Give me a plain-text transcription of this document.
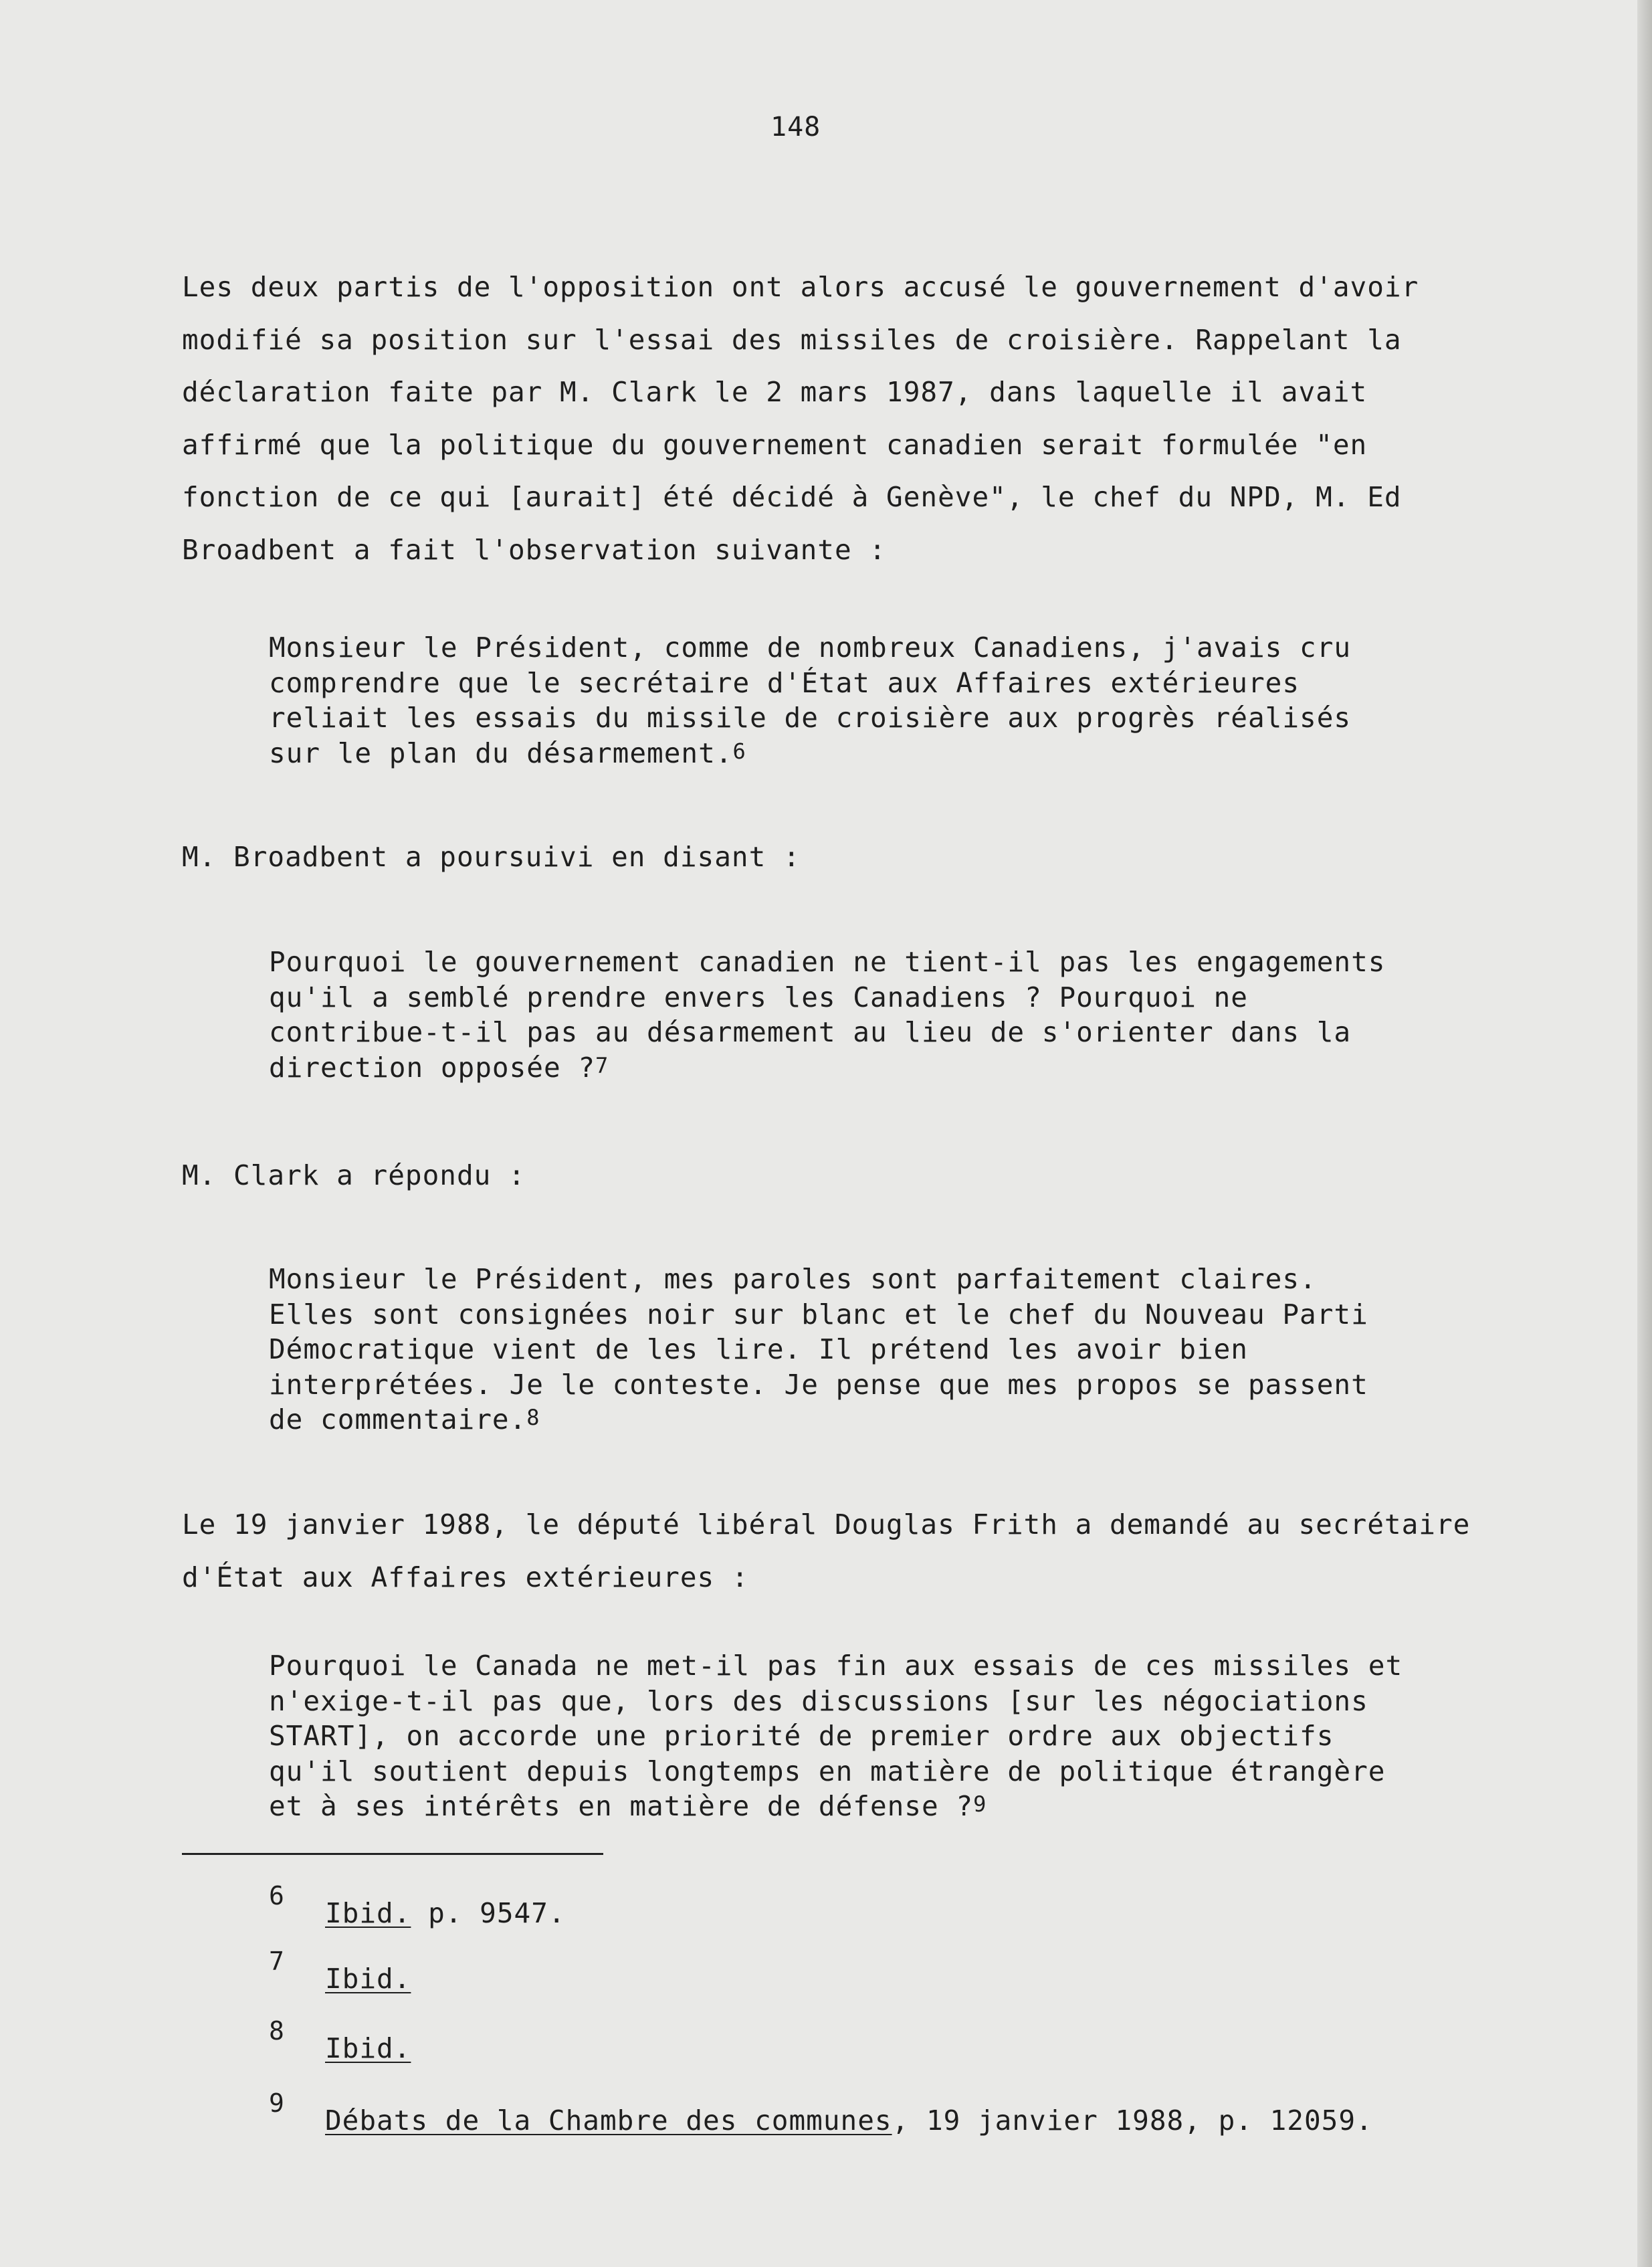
148

Les deux partis de l'opposition ont alors accusé le gouvernement d'avoir
modifié sa position sur l'essai des missiles de croisière. Rappelant la
déclaration faite par M. Clark le 2 mars 1987, dans laquelle il avait
affirmé que la politique du gouvernement canadien serait formulée "en
fonction de ce qui [aurait] été décidé à Genève", le chef du NPD, M. Ed
Broadbent a fait l'observation suivante :

Monsieur le Président, comme de nombreux Canadiens, j'avais cru
comprendre que le secrétaire d'État aux Affaires extérieures
reliait les essais du missile de croisière aux progrès réalisés
sur le plan du désarmement.$^6$

M. Broadbent a poursuivi en disant :

Pourquoi le gouvernement canadien ne tient-il pas les engagements
qu'il a semblé prendre envers les Canadiens ? Pourquoi ne
contribue-t-il pas au désarmement au lieu de s'orienter dans la
direction opposée ?$^7$

M. Clark a répondu :

Monsieur le Président, mes paroles sont parfaitement claires.
Elles sont consignées noir sur blanc et le chef du Nouveau Parti
Démocratique vient de les lire. Il prétend les avoir bien
interprétées. Je le conteste. Je pense que mes propos se passent
de commentaire.$^8$

Le 19 janvier 1988, le député libéral Douglas Frith a demandé au secrétaire
d'État aux Affaires extérieures :

Pourquoi le Canada ne met-il pas fin aux essais de ces missiles et
n'exige-t-il pas que, lors des discussions [sur les négociations
START], on accorde une priorité de premier ordre aux objectifs
qu'il soutient depuis longtemps en matière de politique étrangère
et à ses intérêts en matière de défense ?$^9$

6
Ibid. p. 9547.
7
Ibid.
8
Ibid.
9
Débats de la Chambre des communes, 19 janvier 1988, p. 12059.
